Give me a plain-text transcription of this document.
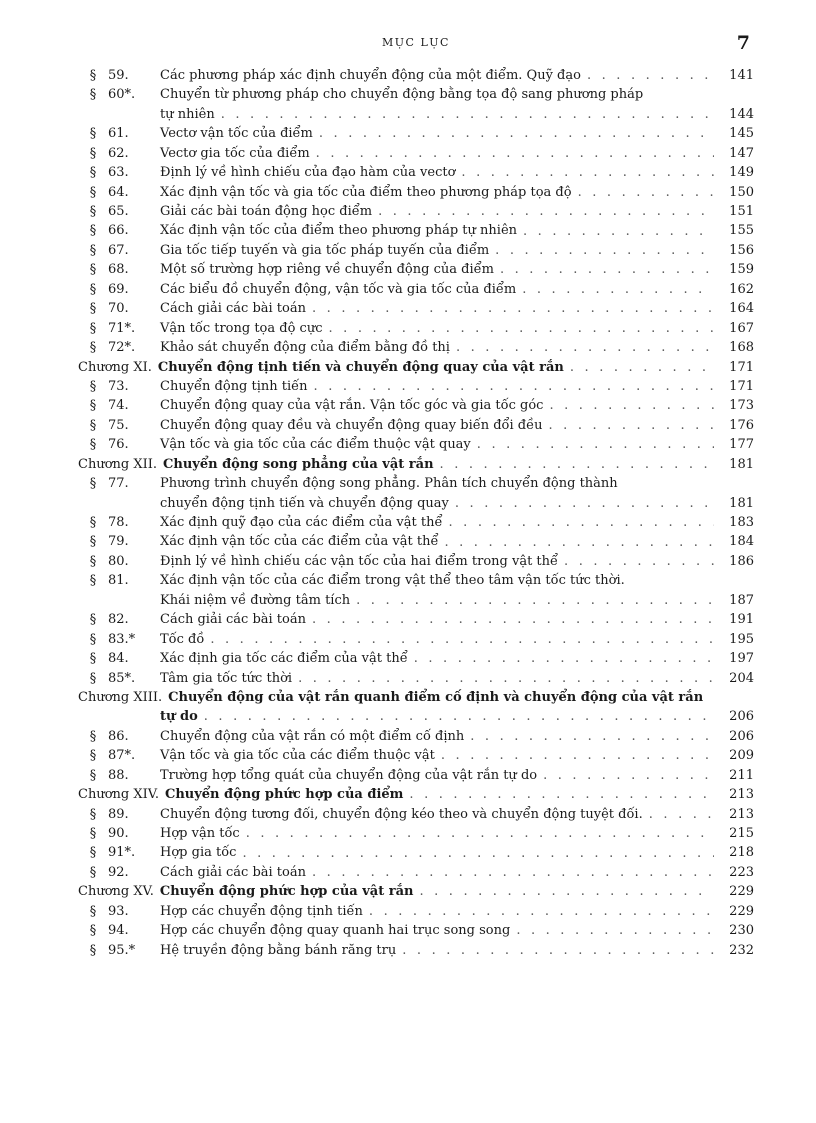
MỤC LỤC	7
§ 59.	Các phương pháp xác định chuyển động của một điểm. Quỹ đạo . . .	141
§ 60*.	Chuyển từ phương pháp cho chuyển động bằng tọa độ sang phương pháp
tự nhiên . . .	144
§ 61.	Vectơ vận tốc của điểm . . .	145
§ 62.	Vectơ gia tốc của điểm . . .	147
§ 63.	Định lý về hình chiếu của đạo hàm của vectơ . . .	149
§ 64.	Xác định vận tốc và gia tốc của điểm theo phương pháp tọa độ . . .	150
§ 65.	Giải các bài toán động học điểm . . .	151
§ 66.	Xác định vận tốc của điểm theo phương pháp tự nhiên . . .	155
§ 67.	Gia tốc tiếp tuyến và gia tốc pháp tuyến của điểm . . .	156
§ 68.	Một số trường hợp riêng về chuyển động của điểm . . .	159
§ 69.	Các biểu đồ chuyển động, vận tốc và gia tốc của điểm . . .	162
§ 70.	Cách giải các bài toán . . .	164
§ 71*.	Vận tốc trong tọa độ cực . . .	167
§ 72*.	Khảo sát chuyển động của điểm bằng đồ thị . . .	168
Chương XI. Chuyển động tịnh tiến và chuyển động quay của vật rắn . . .	171
§ 73.	Chuyển động tịnh tiến . . .	171
§ 74.	Chuyển động quay của vật rắn. Vận tốc góc và gia tốc góc . . .	173
§ 75.	Chuyển động quay đều và chuyển động quay biến đổi đều . . .	176
§ 76.	Vận tốc và gia tốc của các điểm thuộc vật quay . . .	177
Chương XII. Chuyển động song phẳng của vật rắn . . .	181
§ 77.	Phương trình chuyển động song phẳng. Phân tích chuyển động thành
chuyển động tịnh tiến và chuyển động quay . . .	181
§ 78.	Xác định quỹ đạo của các điểm của vật thể . . .	183
§ 79.	Xác định vận tốc của các điểm của vật thể . . .	184
§ 80.	Định lý về hình chiếu các vận tốc của hai điểm trong vật thể . . .	186
§ 81.	Xác định vận tốc của các điểm trong vật thể theo tâm vận tốc tức thời.
Khái niệm về đường tâm tích . . .	187
§ 82.	Cách giải các bài toán . . .	191
§ 83.*	Tốc đồ . . .	195
§ 84.	Xác định gia tốc các điểm của vật thể . . .	197
§ 85*.	Tâm gia tốc tức thời . . .	204
Chương XIII. Chuyển động của vật rắn quanh điểm cố định và chuyển động của vật rắn
tự do . . .	206
§ 86.	Chuyển động của vật rắn có một điểm cố định . . .	206
§ 87*.	Vận tốc và gia tốc của các điểm thuộc vật . . .	209
§ 88.	Trường hợp tổng quát của chuyển động của vật rắn tự do . . .	211
Chương XIV. Chuyển động phức hợp của điểm . . .	213
§ 89.	Chuyển động tương đối, chuyển động kéo theo và chuyển động tuyệt đối. . . .	213
§ 90.	Hợp vận tốc . . .	215
§ 91*.	Hợp gia tốc . . .	218
§ 92.	Cách giải các bài toán . . .	223
Chương XV. Chuyển động phức hợp của vật rắn . . .	229
§ 93.	Hợp các chuyển động tịnh tiến . . .	229
§ 94.	Hợp các chuyển động quay quanh hai trục song song . . .	230
§ 95.*	Hệ truyền động bằng bánh răng trụ . . .	232
